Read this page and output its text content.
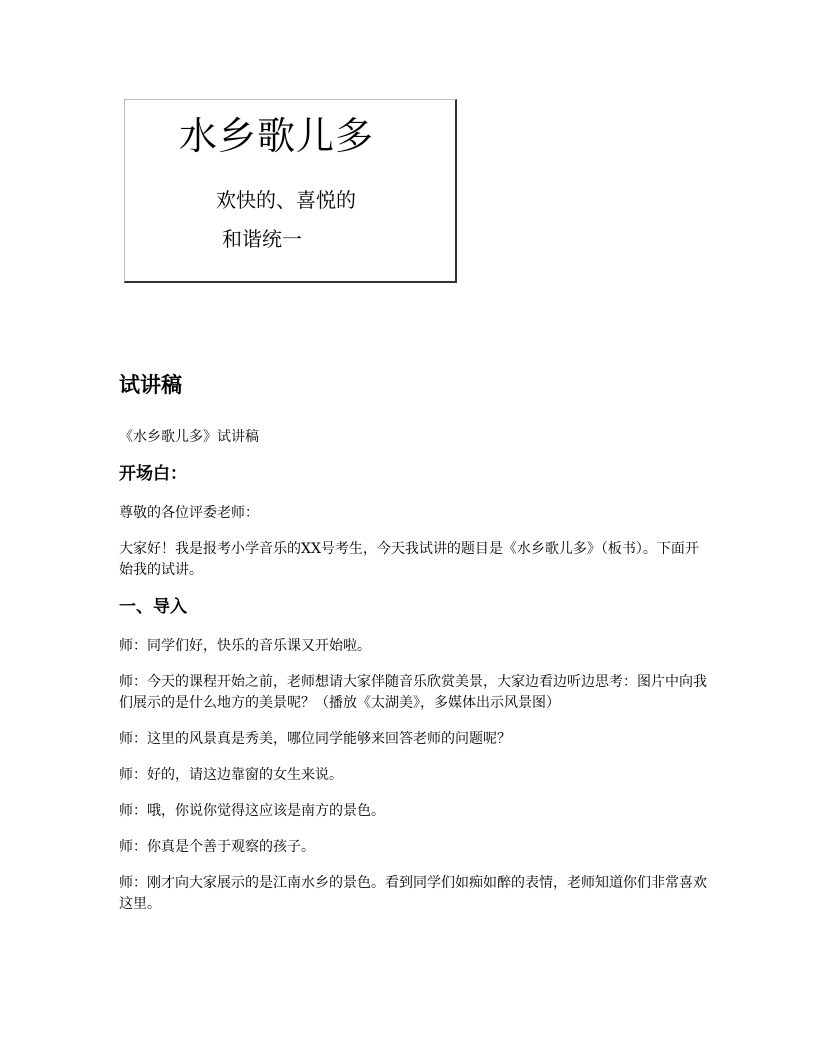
水乡歌儿多
欢快的、喜悦的
和谐统一
试讲稿

《水乡歌儿多》试讲稿

开场白：

尊敬的各位评委老师：

大家好！我是报考小学音乐的XX号考生，今天我试讲的题目是《水乡歌儿多》（板书）。下面开始我的试讲。

一、导入

师：同学们好，快乐的音乐课又开始啦。

师：今天的课程开始之前，老师想请大家伴随音乐欣赏美景，大家边看边听边思考：图片中向我们展示的是什么地方的美景呢？（播放《太湖美》，多媒体出示风景图）

师：这里的风景真是秀美，哪位同学能够来回答老师的问题呢？

师：好的，请这边靠窗的女生来说。

师：哦，你说你觉得这应该是南方的景色。

师：你真是个善于观察的孩子。

师：刚才向大家展示的是江南水乡的景色。看到同学们如痴如醉的表情，老师知道你们非常喜欢这里。
